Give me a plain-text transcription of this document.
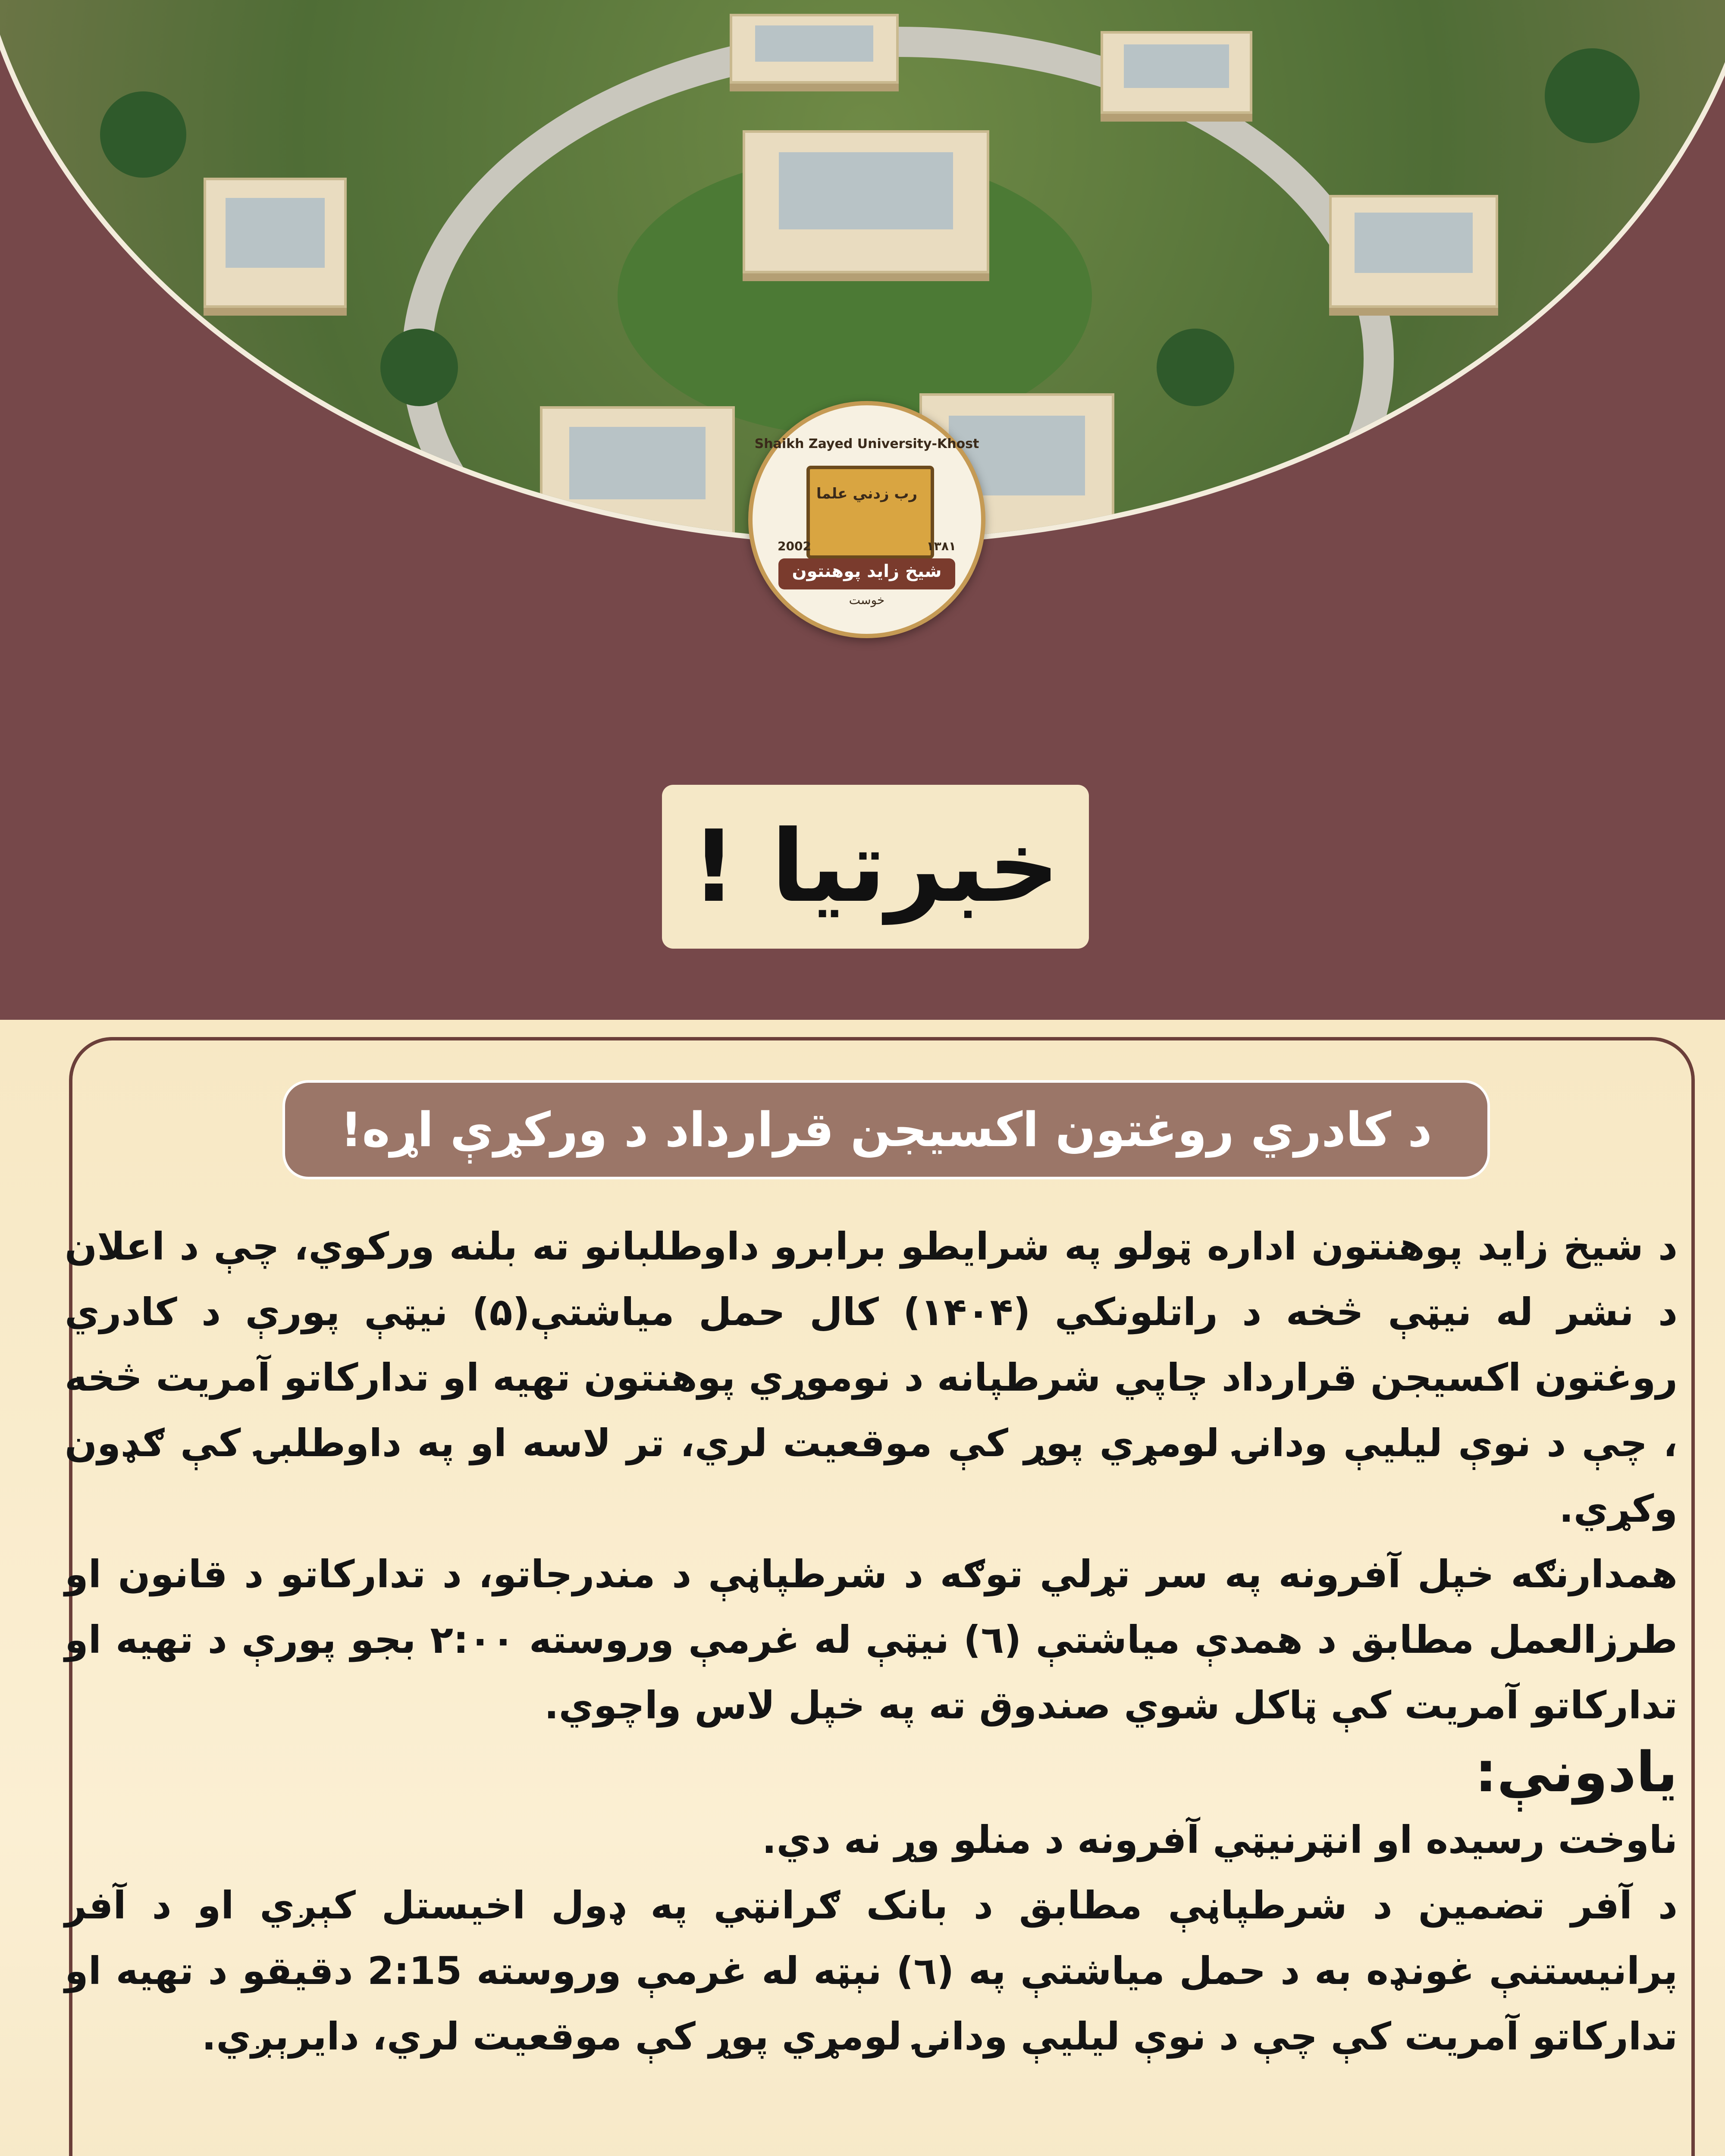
Shaikh Zayed University-Khost
رب زدني علما
2002	۱۳۸۱
شیخ زاید پوهنتون
خوست
خبرتیا !
د کادري روغتون اکسیجن قرارداد د ورکړې اړه!

د شیخ زاید پوهنتون اداره ټولو په شرایطو برابرو داوطلبانو ته بلنه ورکوي، چې د اعلان د نشر له نیټې څخه د راتلونکي (۱۴۰۴) کال حمل میاشتې(۵) نیټې پورې د کادري روغتون اکسیجن قرارداد چاپي شرطپانه د نوموړي پوهنتون تهیه او تدارکاتو آمریت څخه ، چې د نوې لیلیې ودانۍ لومړي پوړ کې موقعیت لري، تر لاسه او په داوطلبۍ کې ګډون وکړي.

همدارنګه خپل آفرونه په سر تړلي توګه د شرطپاڼې د مندرجاتو، د تدارکاتو د قانون او طرزالعمل مطابق د همدې میاشتې (٦) نیټې له غرمې وروسته ۲:۰۰ بجو پورې د تهیه او تدارکاتو آمریت کې ټاکل شوي صندوق ته په خپل لاس واچوي.

یادونې:

ناوخت رسیده او انټرنیټي آفرونه د منلو وړ نه دي.

د آفر تضمین د شرطپاڼې مطابق د بانک ګرانټي په ډول اخیستل کېږي او د آفر پرانیستنې غونډه به د حمل میاشتې په (٦) نېټه له غرمې وروسته 2:15 دقیقو د تهیه او تدارکاتو آمریت کې چې د نوې لیلیې ودانۍ لومړي پوړ کې موقعیت لري، دایرېږي.
